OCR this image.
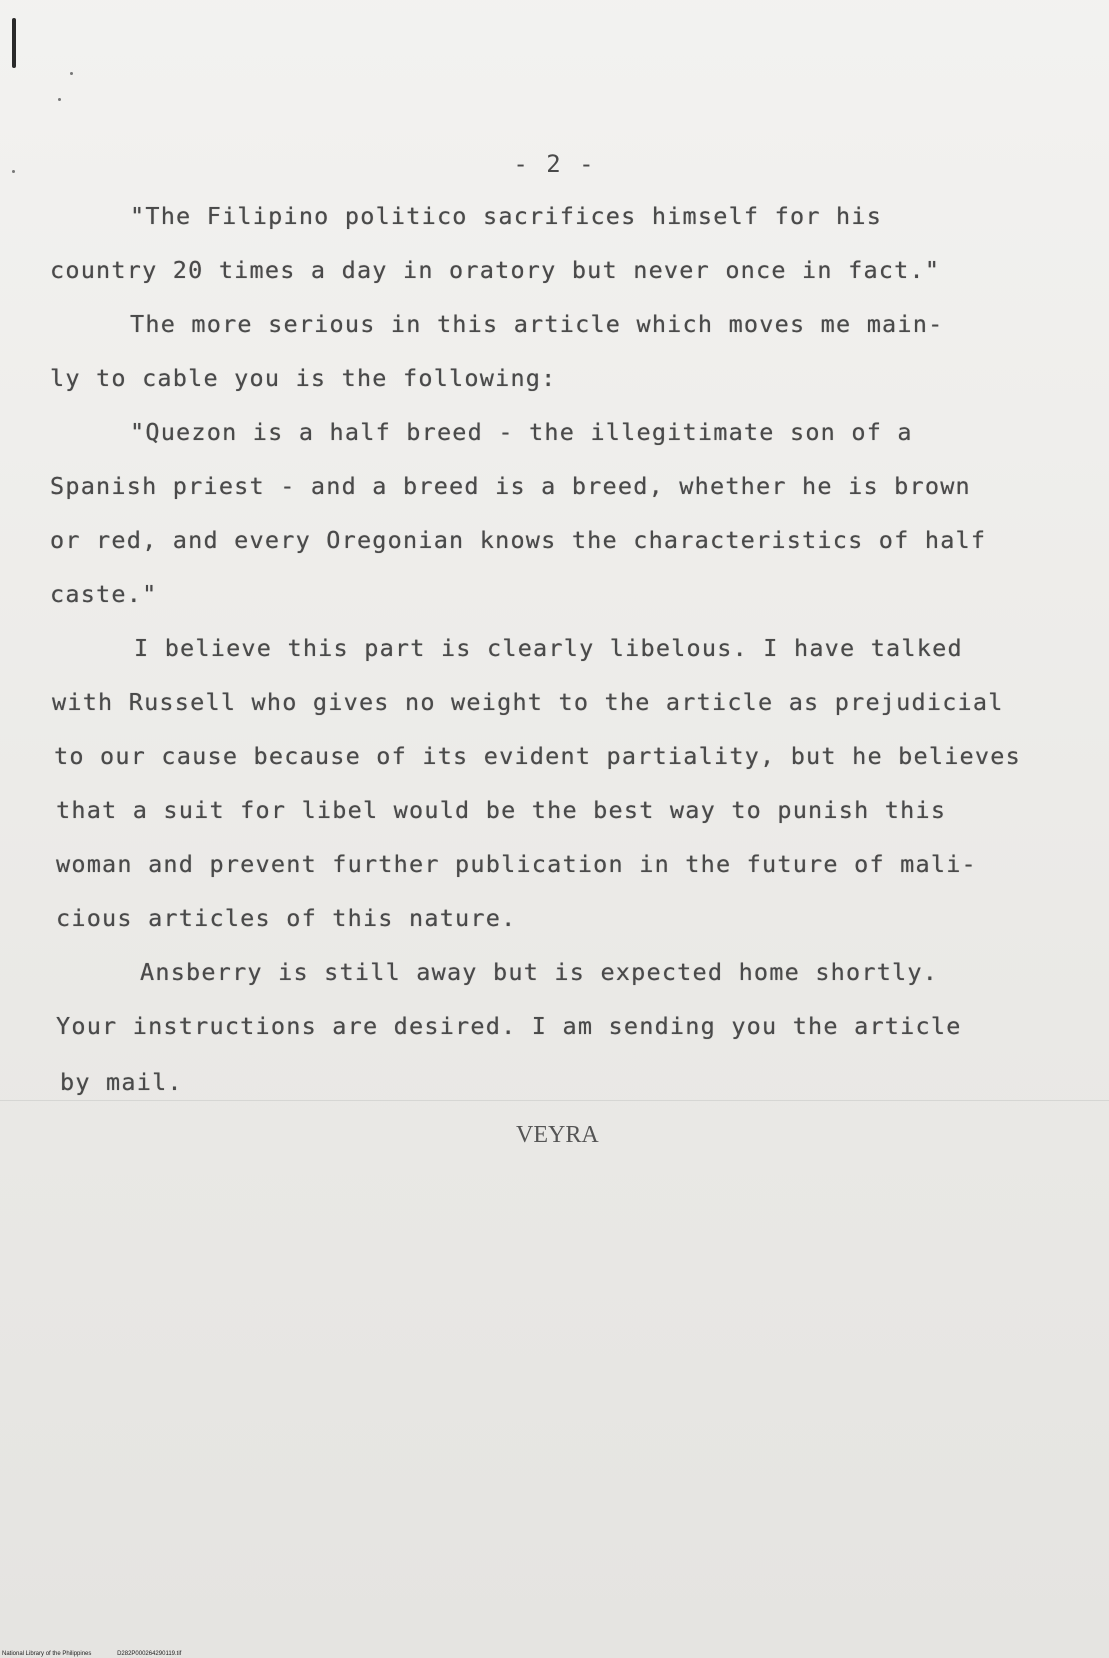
- 2 -
"The Filipino politico sacrifices himself for his
country 20 times a day in oratory but never once in fact."
The more serious in this article which moves me main-
ly to cable you is the following:
"Quezon is a half breed - the illegitimate son of a
Spanish priest - and a breed is a breed, whether he is brown
or red, and every Oregonian knows the characteristics of half
caste."
I believe this part is clearly libelous. I have talked
with Russell who gives no weight to the article as prejudicial
to our cause because of its evident partiality, but he believes
that a suit for libel would be the best way to punish this
woman and prevent further publication in the future of mali-
cious articles of this nature.
Ansberry is still away but is expected home shortly.
Your instructions are desired. I am sending you the article
by mail.
VEYRA
National Library of the Philippines	D282P000264290119.tif
